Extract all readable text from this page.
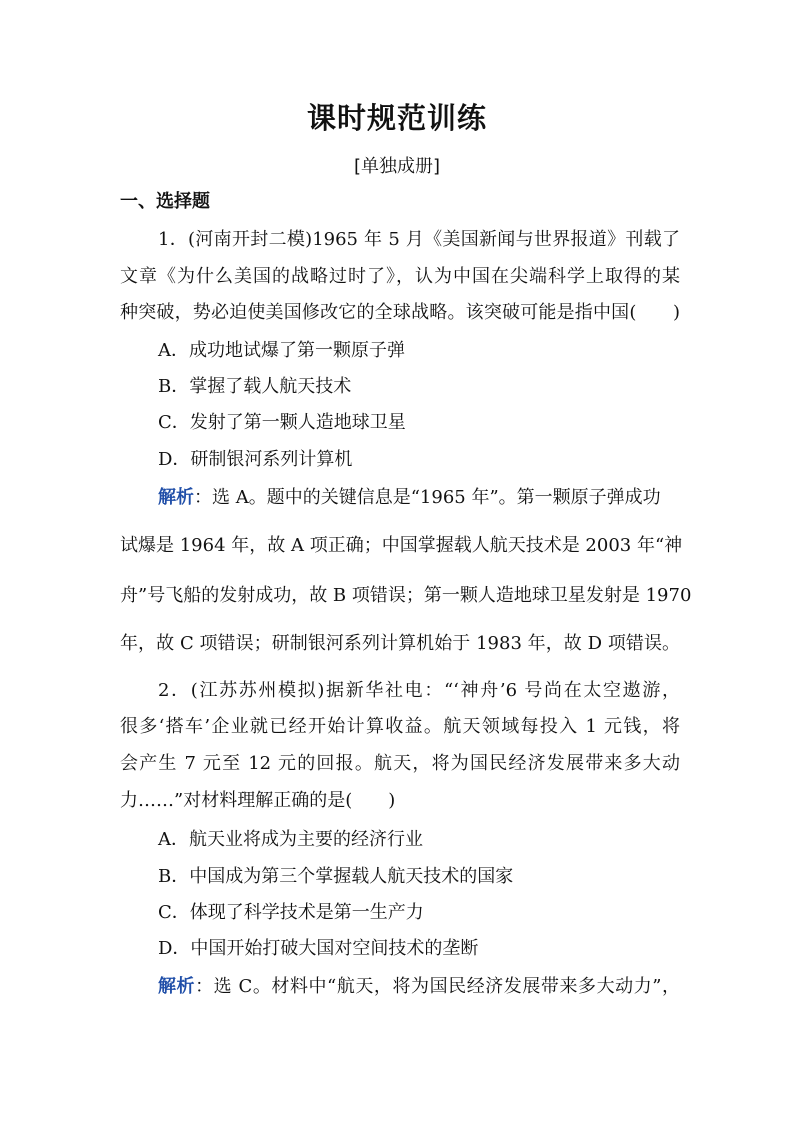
课时规范训练
[单独成册]
一、选择题
1．(河南开封二模)1965 年 5 月《美国新闻与世界报道》刊载了
文章《为什么美国的战略过时了》，认为中国在尖端科学上取得的某
种突破，势必迫使美国修改它的全球战略。该突破可能是指中国(　　)
A．成功地试爆了第一颗原子弹
B．掌握了载人航天技术
C．发射了第一颗人造地球卫星
D．研制银河系列计算机
解析：选 A。题中的关键信息是“1965 年”。第一颗原子弹成功
试爆是 1964 年，故 A 项正确；中国掌握载人航天技术是 2003 年“神
舟”号飞船的发射成功，故 B 项错误；第一颗人造地球卫星发射是 1970
年，故 C 项错误；研制银河系列计算机始于 1983 年，故 D 项错误。
2．(江苏苏州模拟)据新华社电：“‘神舟’6 号尚在太空遨游，
很多‘搭车’企业就已经开始计算收益。航天领域每投入 1 元钱，将
会产生 7 元至 12 元的回报。航天，将为国民经济发展带来多大动
力……”对材料理解正确的是(　　)
A．航天业将成为主要的经济行业
B．中国成为第三个掌握载人航天技术的国家
C．体现了科学技术是第一生产力
D．中国开始打破大国对空间技术的垄断
解析：选 C。材料中“航天，将为国民经济发展带来多大动力”，
